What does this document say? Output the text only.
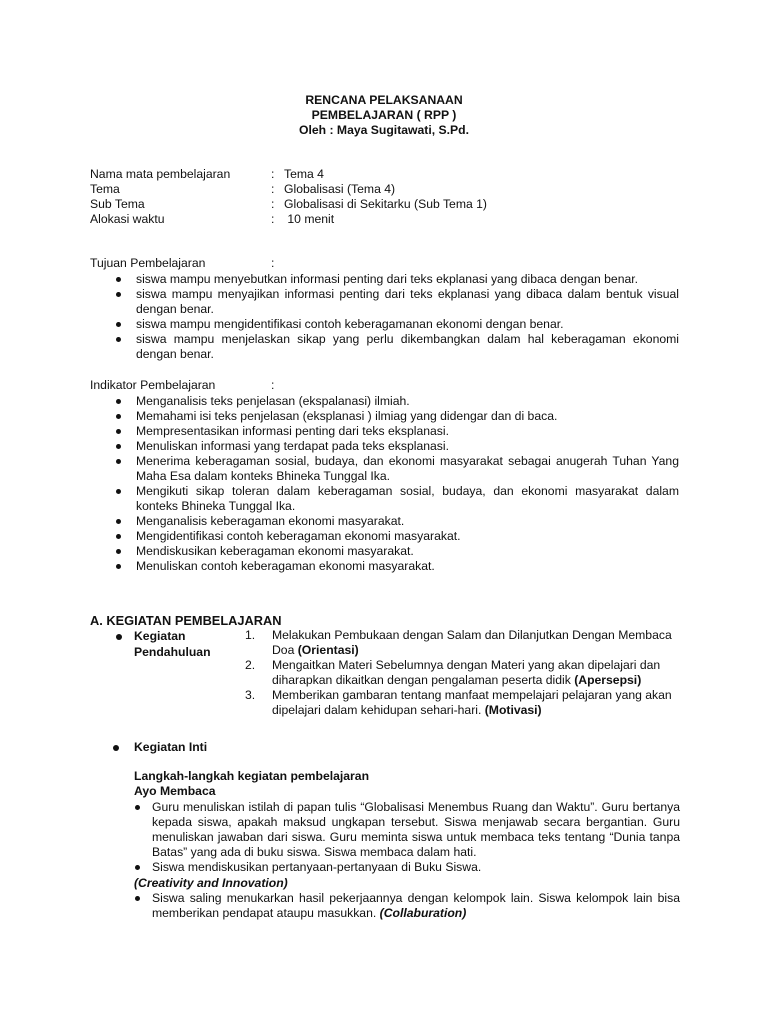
RENCANA PELAKSANAAN
PEMBELAJARAN ( RPP )
Oleh : Maya Sugitawati, S.Pd.
Nama mata pembelajaran	: Tema 4
Tema	: Globalisasi (Tema 4)
Sub Tema	: Globalisasi di Sekitarku (Sub Tema 1)
Alokasi waktu	: 10 menit
Tujuan Pembelajaran	:
siswa mampu menyebutkan informasi penting dari teks ekplanasi yang dibaca dengan benar.
siswa mampu menyajikan informasi penting dari teks ekplanasi yang dibaca dalam bentuk visual dengan benar.
siswa mampu mengidentifikasi contoh keberagamanan ekonomi dengan benar.
siswa mampu menjelaskan sikap yang perlu dikembangkan dalam hal keberagaman ekonomi dengan benar.
Indikator Pembelajaran	:
Menganalisis teks penjelasan (ekspalanasi) ilmiah.
Memahami isi teks penjelasan (eksplanasi ) ilmiag yang didengar dan di baca.
Mempresentasikan informasi penting dari teks eksplanasi.
Menuliskan informasi yang terdapat pada teks eksplanasi.
Menerima keberagaman sosial, budaya, dan ekonomi masyarakat sebagai anugerah Tuhan Yang Maha Esa dalam konteks Bhineka Tunggal Ika.
Mengikuti sikap toleran dalam keberagaman sosial, budaya, dan ekonomi masyarakat dalam konteks Bhineka Tunggal Ika.
Menganalisis keberagaman ekonomi masyarakat.
Mengidentifikasi contoh keberagaman ekonomi masyarakat.
Mendiskusikan keberagaman ekonomi masyarakat.
Menuliskan contoh keberagaman ekonomi masyarakat.
A. KEGIATAN PEMBELAJARAN
Kegiatan
Pendahuluan
1. Melakukan Pembukaan dengan Salam dan Dilanjutkan Dengan Membaca Doa (Orientasi)
2. Mengaitkan Materi Sebelumnya dengan Materi yang akan dipelajari dan diharapkan dikaitkan dengan pengalaman peserta didik (Apersepsi)
3. Memberikan gambaran tentang manfaat mempelajari pelajaran yang akan dipelajari dalam kehidupan sehari-hari. (Motivasi)
Kegiatan Inti
Langkah-langkah kegiatan pembelajaran
Ayo Membaca
Guru menuliskan istilah di papan tulis “Globalisasi Menembus Ruang dan Waktu”. Guru bertanya kepada siswa, apakah maksud ungkapan tersebut. Siswa menjawab secara bergantian. Guru menuliskan jawaban dari siswa. Guru meminta siswa untuk membaca teks tentang “Dunia tanpa Batas” yang ada di buku siswa. Siswa membaca dalam hati.
Siswa mendiskusikan pertanyaan-pertanyaan di Buku Siswa.
(Creativity and Innovation)
Siswa saling menukarkan hasil pekerjaannya dengan kelompok lain. Siswa kelompok lain bisa memberikan pendapat ataupu masukkan. (Collaburation)
